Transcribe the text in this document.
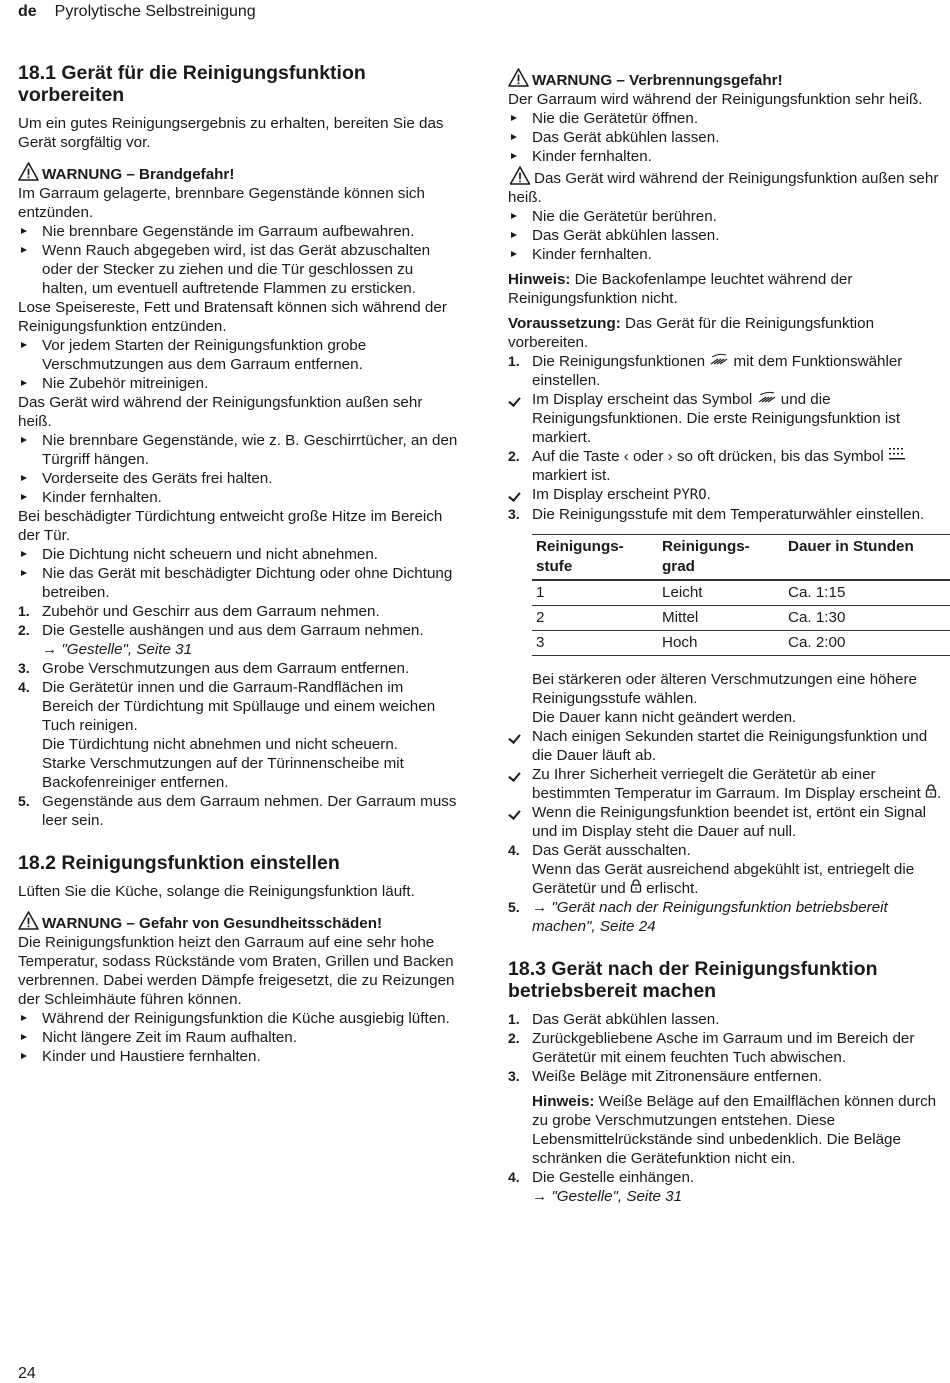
de Pyrolytische Selbstreinigung
18.1 Gerät für die Reinigungsfunktion
vorbereiten

Um ein gutes Reinigungsergebnis zu erhalten, bereiten Sie das Gerät sorgfältig vor.

WARNUNG – Brandgefahr!

Im Garraum gelagerte, brennbare Gegenstände können sich entzünden.

Nie brennbare Gegenstände im Garraum aufbewahren.
Wenn Rauch abgegeben wird, ist das Gerät abzuschalten oder der Stecker zu ziehen und die Tür geschlossen zu halten, um eventuell auftretende Flammen zu ersticken.

Lose Speisereste, Fett und Bratensaft können sich während der Reinigungsfunktion entzünden.

Vor jedem Starten der Reinigungsfunktion grobe Verschmutzungen aus dem Garraum entfernen.
Nie Zubehör mitreinigen.

Das Gerät wird während der Reinigungsfunktion außen sehr heiß.

Nie brennbare Gegenstände, wie z. B. Geschirrtücher, an den Türgriff hängen.
Vorderseite des Geräts frei halten.
Kinder fernhalten.

Bei beschädigter Türdichtung entweicht große Hitze im Bereich der Tür.

Die Dichtung nicht scheuern und nicht abnehmen.
Nie das Gerät mit beschädigter Dichtung oder ohne Dichtung betreiben.
1. Zubehör und Geschirr aus dem Garraum nehmen.
2. Die Gestelle aushängen und aus dem Garraum nehmen.
→ "Gestelle", Seite 31
3. Grobe Verschmutzungen aus dem Garraum entfernen.
4. Die Gerätetür innen und die Garraum-Randflächen im Bereich der Türdichtung mit Spüllauge und einem weichen Tuch reinigen.
Die Türdichtung nicht abnehmen und nicht scheuern.
Starke Verschmutzungen auf der Türinnenscheibe mit Backofenreiniger entfernen.
5. Gegenstände aus dem Garraum nehmen. Der Garraum muss leer sein.
18.2 Reinigungsfunktion einstellen

Lüften Sie die Küche, solange die Reinigungsfunktion läuft.

WARNUNG – Gefahr von Gesundheitsschäden!

Die Reinigungsfunktion heizt den Garraum auf eine sehr hohe Temperatur, sodass Rückstände vom Braten, Grillen und Backen verbrennen. Dabei werden Dämpfe freigesetzt, die zu Reizungen der Schleimhäute führen können.

Während der Reinigungsfunktion die Küche ausgiebig lüften.
Nicht längere Zeit im Raum aufhalten.
Kinder und Haustiere fernhalten.

WARNUNG – Verbrennungsgefahr!

Der Garraum wird während der Reinigungsfunktion sehr heiß.

Nie die Gerätetür öffnen.
Das Gerät abkühlen lassen.
Kinder fernhalten.

Das Gerät wird während der Reinigungsfunktion außen sehr heiß.

Nie die Gerätetür berühren.
Das Gerät abkühlen lassen.
Kinder fernhalten.

Hinweis: Die Backofenlampe leuchtet während der Reinigungsfunktion nicht.

Voraussetzung: Das Gerät für die Reinigungsfunktion vorbereiten.

1. Die Reinigungsfunktionen  mit dem Funktionswähler einstellen.
Im Display erscheint das Symbol  und die Reinigungsfunktionen. Die erste Reinigungsfunktion ist markiert.
2. Auf die Taste ‹ oder › so oft drücken, bis das Symbol  markiert ist.
Im Display erscheint PYRO.
3. Die Reinigungsstufe mit dem Temperaturwähler einstellen.
Reinigungs-stufe	Reinigungs-grad	Dauer in Stunden
1	Leicht	Ca. 1:15
2	Mittel	Ca. 1:30
3	Hoch	Ca. 2:00

Bei stärkeren oder älteren Verschmutzungen eine höhere Reinigungsstufe wählen.

Die Dauer kann nicht geändert werden.

Nach einigen Sekunden startet die Reinigungsfunktion und die Dauer läuft ab.
Zu Ihrer Sicherheit verriegelt die Gerätetür ab einer bestimmten Temperatur im Garraum. Im Display erscheint .
Wenn die Reinigungsfunktion beendet ist, ertönt ein Signal und im Display steht die Dauer auf null.
4. Das Gerät ausschalten.
Wenn das Gerät ausreichend abgekühlt ist, entriegelt die Gerätetür und  erlischt.
5. → "Gerät nach der Reinigungsfunktion betriebsbereit machen", Seite 24
18.3 Gerät nach der Reinigungsfunktion
betriebsbereit machen
1. Das Gerät abkühlen lassen.
2. Zurückgebliebene Asche im Garraum und im Bereich der Gerätetür mit einem feuchten Tuch abwischen.
3. Weiße Beläge mit Zitronensäure entfernen.

Hinweis: Weiße Beläge auf den Emailflächen können durch zu grobe Verschmutzungen entstehen. Diese Lebensmittelrückstände sind unbedenklich. Die Beläge schränken die Gerätefunktion nicht ein.

4. Die Gestelle einhängen.
→ "Gestelle", Seite 31
24
